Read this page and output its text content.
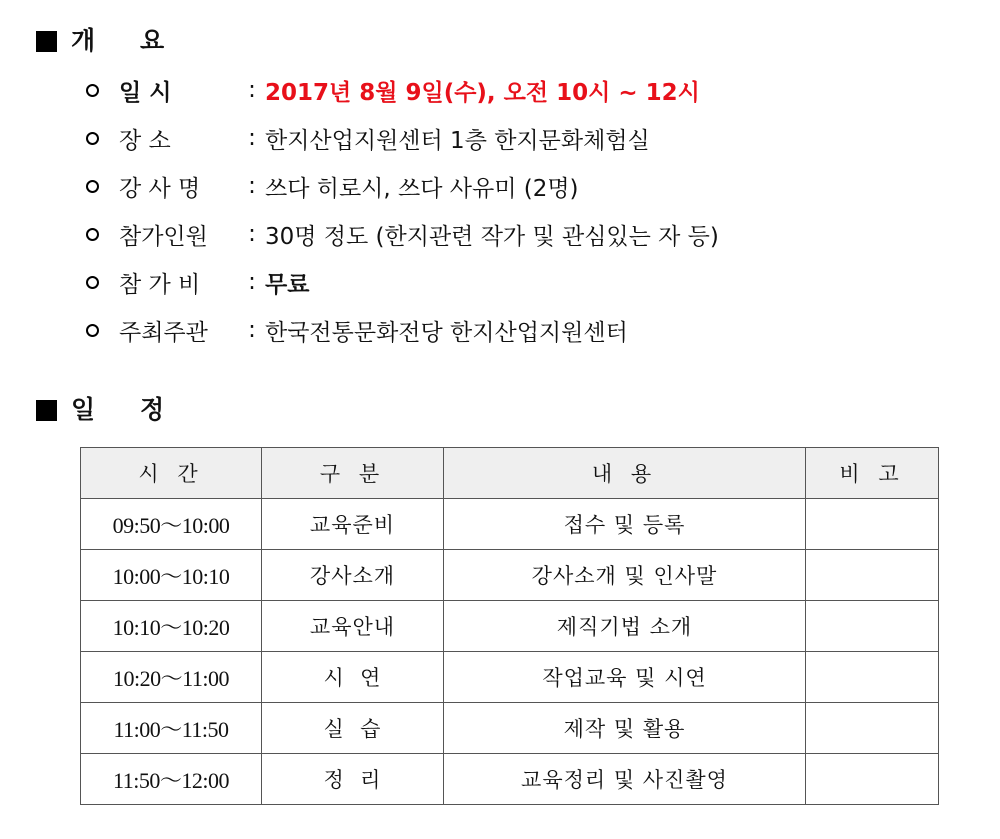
개    요
일 시	: 2017년 8월 9일(수), 오전 10시 ~ 12시
장 소	: 한지산업지원센터 1층 한지문화체험실
강 사 명	: 쓰다 히로시, 쓰다 사유미 (2명)
참가인원	: 30명 정도 (한지관련 작가 및 관심있는 자 등)
참 가 비	: 무료
주최주관	: 한국전통문화전당 한지산업지원센터
일    정
시 간	구 분	내 용	비 고
09:50～10:00	교육준비	접수 및 등록	
10:00～10:10	강사소개	강사소개 및 인사말	
10:10～10:20	교육안내	제직기법 소개	
10:20～11:00	시  연	작업교육 및 시연	
11:00～11:50	실  습	제작 및 활용	
11:50～12:00	정  리	교육정리 및 사진촬영	
